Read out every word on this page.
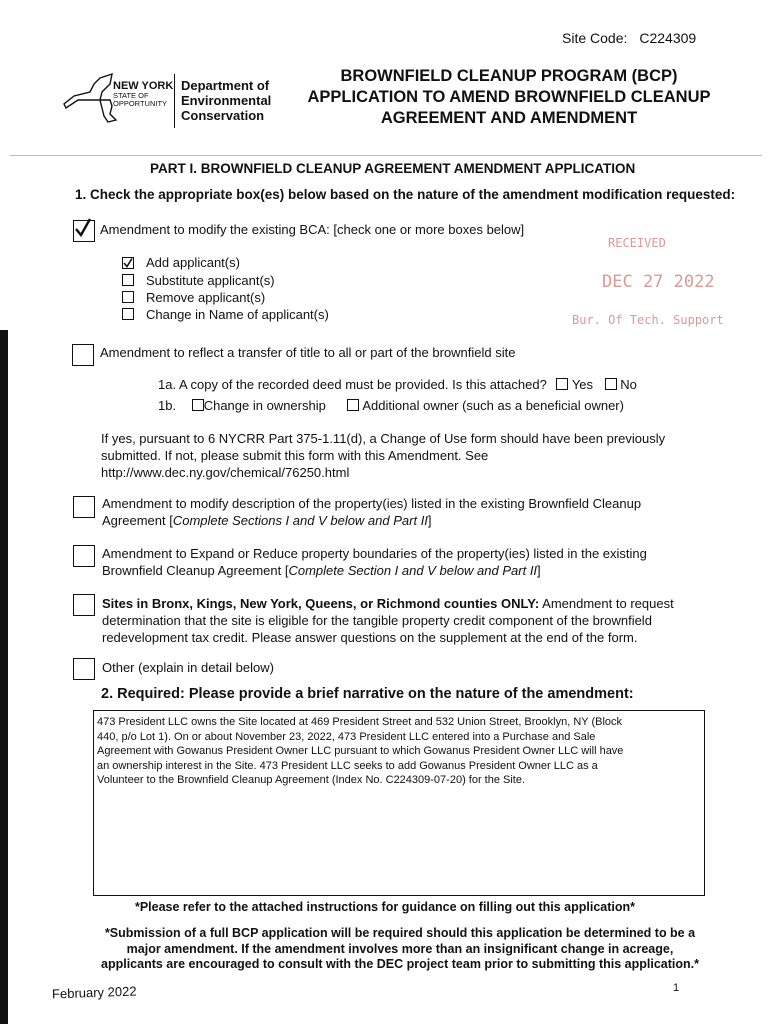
Site Code: C224309
NEW YORK
STATE OF
OPPORTUNITY
Department of
Environmental
Conservation
BROWNFIELD CLEANUP PROGRAM (BCP)
APPLICATION TO AMEND BROWNFIELD CLEANUP
AGREEMENT AND AMENDMENT
PART I. BROWNFIELD CLEANUP AGREEMENT AMENDMENT APPLICATION
1. Check the appropriate box(es) below based on the nature of the amendment modification requested:
Amendment to modify the existing BCA: [check one or more boxes below]
Add applicant(s)
Substitute applicant(s)
Remove applicant(s)
Change in Name of applicant(s)
RECEIVED
DEC 27 2022
Bur. Of Tech. Support
Amendment to reflect a transfer of title to all or part of the brownfield site
1a. A copy of the recorded deed must be provided. Is this attached? Yes No
1b. Change in ownership	Additional owner (such as a beneficial owner)
If yes, pursuant to 6 NYCRR Part 375-1.11(d), a Change of Use form should have been previously
submitted. If not, please submit this form with this Amendment. See
http://www.dec.ny.gov/chemical/76250.html
Amendment to modify description of the property(ies) listed in the existing Brownfield Cleanup
Agreement [Complete Sections I and V below and Part II]
Amendment to Expand or Reduce property boundaries of the property(ies) listed in the existing
Brownfield Cleanup Agreement [Complete Section I and V below and Part II]
Sites in Bronx, Kings, New York, Queens, or Richmond counties ONLY: Amendment to request
determination that the site is eligible for the tangible property credit component of the brownfield
redevelopment tax credit. Please answer questions on the supplement at the end of the form.
Other (explain in detail below)
2. Required: Please provide a brief narrative on the nature of the amendment:
473 President LLC owns the Site located at 469 President Street and 532 Union Street, Brooklyn, NY (Block
440, p/o Lot 1). On or about November 23, 2022, 473 President LLC entered into a Purchase and Sale
Agreement with Gowanus President Owner LLC pursuant to which Gowanus President Owner LLC will have
an ownership interest in the Site. 473 President LLC seeks to add Gowanus President Owner LLC as a
Volunteer to the Brownfield Cleanup Agreement (Index No. C224309-07-20) for the Site.
*Please refer to the attached instructions for guidance on filling out this application*
*Submission of a full BCP application will be required should this application be determined to be a
major amendment. If the amendment involves more than an insignificant change in acreage,
applicants are encouraged to consult with the DEC project team prior to submitting this application.*
February 2022	1
